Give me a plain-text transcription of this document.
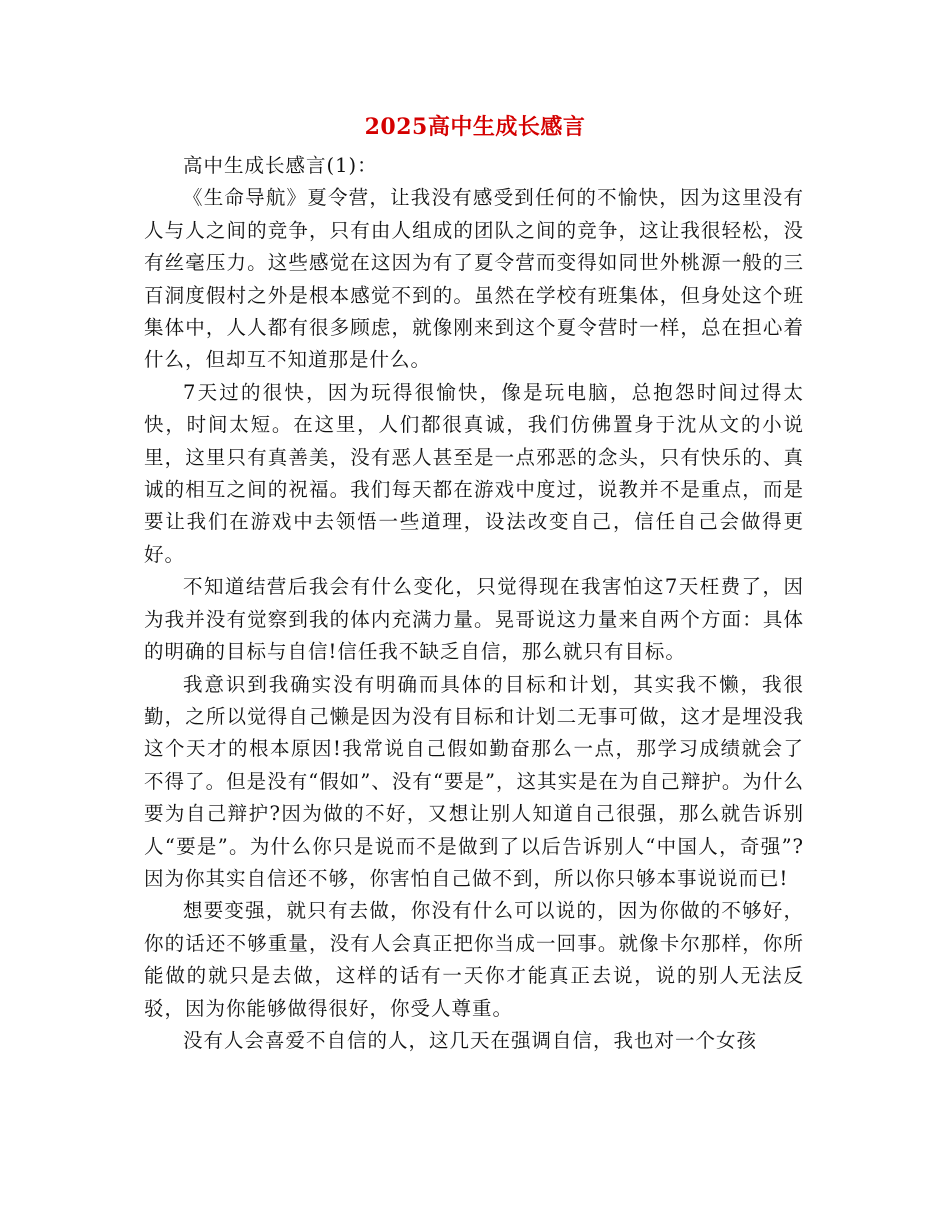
2025高中生成长感言

高中生成长感言(1)：

《生命导航》夏令营，让我没有感受到任何的不愉快，因为这里没有人与人之间的竞争，只有由人组成的团队之间的竞争，这让我很轻松，没有丝毫压力。这些感觉在这因为有了夏令营而变得如同世外桃源一般的三百洞度假村之外是根本感觉不到的。虽然在学校有班集体，但身处这个班集体中，人人都有很多顾虑，就像刚来到这个夏令营时一样，总在担心着什么，但却互不知道那是什么。

7天过的很快，因为玩得很愉快，像是玩电脑，总抱怨时间过得太快，时间太短。在这里，人们都很真诚，我们仿佛置身于沈从文的小说里，这里只有真善美，没有恶人甚至是一点邪恶的念头，只有快乐的、真诚的相互之间的祝福。我们每天都在游戏中度过，说教并不是重点，而是要让我们在游戏中去领悟一些道理，设法改变自己，信任自己会做得更好。

不知道结营后我会有什么变化，只觉得现在我害怕这7天枉费了，因为我并没有觉察到我的体内充满力量。晃哥说这力量来自两个方面：具体的明确的目标与自信!信任我不缺乏自信，那么就只有目标。

我意识到我确实没有明确而具体的目标和计划，其实我不懒，我很勤，之所以觉得自己懒是因为没有目标和计划二无事可做，这才是埋没我这个天才的根本原因!我常说自己假如勤奋那么一点，那学习成绩就会了不得了。但是没有“假如”、没有“要是”，这其实是在为自己辩护。为什么要为自己辩护?因为做的不好，又想让别人知道自己很强，那么就告诉别人“要是”。为什么你只是说而不是做到了以后告诉别人“中国人，奇强”?因为你其实自信还不够，你害怕自己做不到，所以你只够本事说说而已!

想要变强，就只有去做，你没有什么可以说的，因为你做的不够好，你的话还不够重量，没有人会真正把你当成一回事。就像卡尔那样，你所能做的就只是去做，这样的话有一天你才能真正去说，说的别人无法反驳，因为你能够做得很好，你受人尊重。

没有人会喜爱不自信的人，这几天在强调自信，我也对一个女孩
